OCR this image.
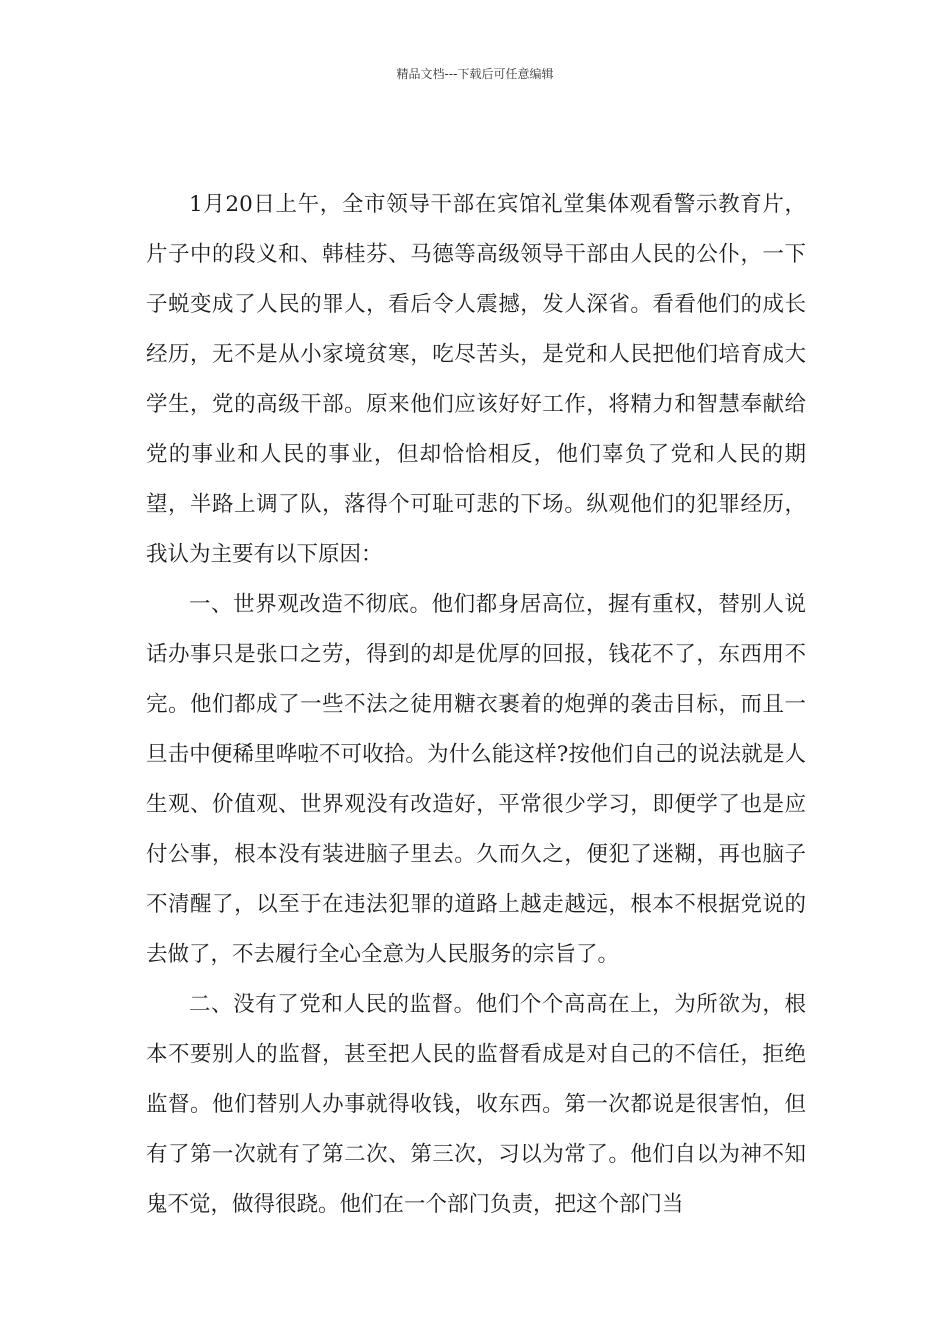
精品文档---下载后可任意编辑

1月20日上午，全市领导干部在宾馆礼堂集体观看警示教育片，片子中的段义和、韩桂芬、马德等高级领导干部由人民的公仆，一下子蜕变成了人民的罪人，看后令人震撼，发人深省。看看他们的成长经历，无不是从小家境贫寒，吃尽苦头，是党和人民把他们培育成大学生，党的高级干部。原来他们应该好好工作，将精力和智慧奉献给党的事业和人民的事业，但却恰恰相反，他们辜负了党和人民的期望，半路上调了队，落得个可耻可悲的下场。纵观他们的犯罪经历，我认为主要有以下原因：

一、世界观改造不彻底。他们都身居高位，握有重权，替别人说话办事只是张口之劳，得到的却是优厚的回报，钱花不了，东西用不完。他们都成了一些不法之徒用糖衣裹着的炮弹的袭击目标，而且一旦击中便稀里哗啦不可收拾。为什么能这样?按他们自己的说法就是人生观、价值观、世界观没有改造好，平常很少学习，即便学了也是应付公事，根本没有装进脑子里去。久而久之，便犯了迷糊，再也脑子不清醒了，以至于在违法犯罪的道路上越走越远，根本不根据党说的去做了，不去履行全心全意为人民服务的宗旨了。

二、没有了党和人民的监督。他们个个高高在上，为所欲为，根本不要别人的监督，甚至把人民的监督看成是对自己的不信任，拒绝监督。他们替别人办事就得收钱，收东西。第一次都说是很害怕，但有了第一次就有了第二次、第三次，习以为常了。他们自以为神不知鬼不觉，做得很跷。他们在一个部门负责，把这个部门当
